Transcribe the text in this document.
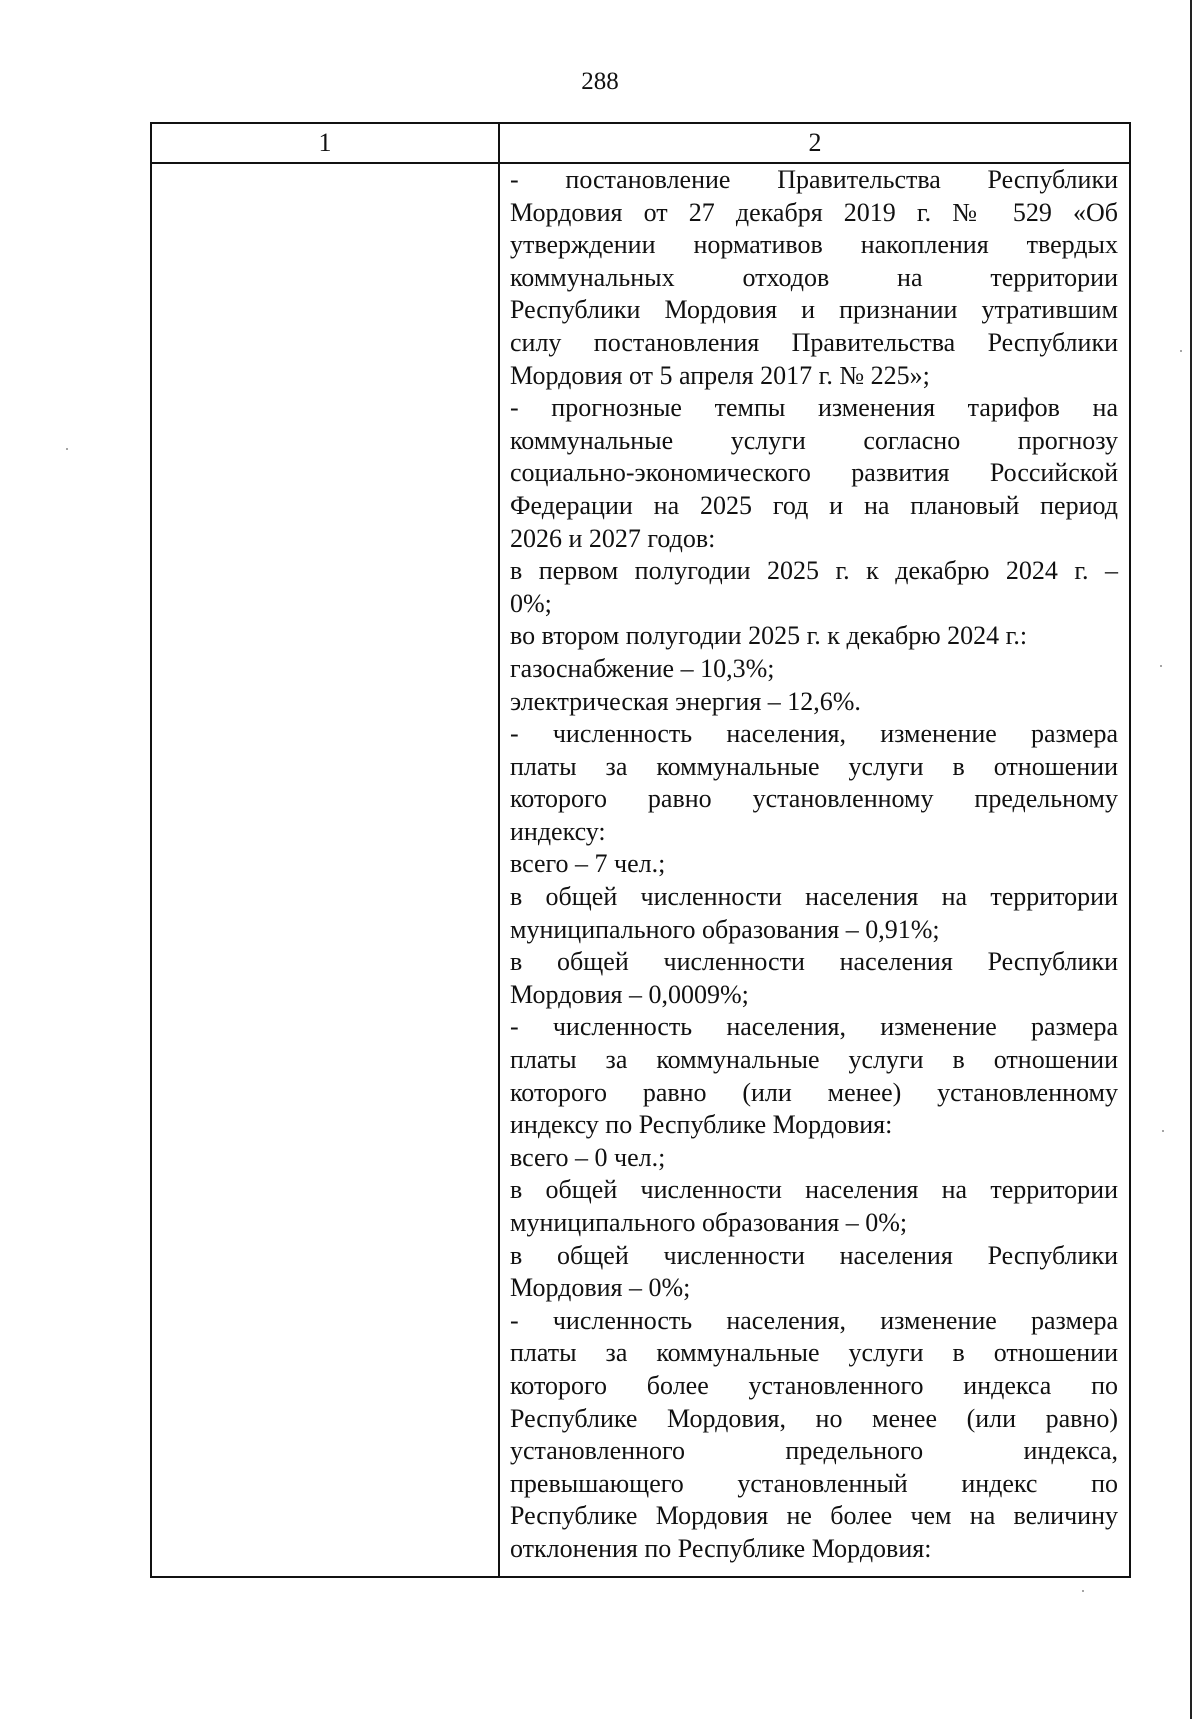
288
1	2
- постановление Правительства Республики
Мордовия от 27 декабря 2019 г. № 529 «Об
утверждении нормативов накопления твердых
коммунальных отходов на территории
Республики Мордовия и признании утратившим
силу постановления Правительства Республики
Мордовия от 5 апреля 2017 г. № 225»;
- прогнозные темпы изменения тарифов на
коммунальные услуги согласно прогнозу
социально-экономического развития Российской
Федерации на 2025 год и на плановый период
2026 и 2027 годов:
в первом полугодии 2025 г. к декабрю 2024 г. –
0%;
во втором полугодии 2025 г. к декабрю 2024 г.:
газоснабжение – 10,3%;
электрическая энергия – 12,6%.
- численность населения, изменение размера
платы за коммунальные услуги в отношении
которого равно установленному предельному
индексу:
всего – 7 чел.;
в общей численности населения на территории
муниципального образования – 0,91%;
в общей численности населения Республики
Мордовия – 0,0009%;
- численность населения, изменение размера
платы за коммунальные услуги в отношении
которого равно (или менее) установленному
индексу по Республике Мордовия:
всего – 0 чел.;
в общей численности населения на территории
муниципального образования – 0%;
в общей численности населения Республики
Мордовия – 0%;
- численность населения, изменение размера
платы за коммунальные услуги в отношении
которого более установленного индекса по
Республике Мордовия, но менее (или равно)
установленного предельного индекса,
превышающего установленный индекс по
Республике Мордовия не более чем на величину
отклонения по Республике Мордовия:
